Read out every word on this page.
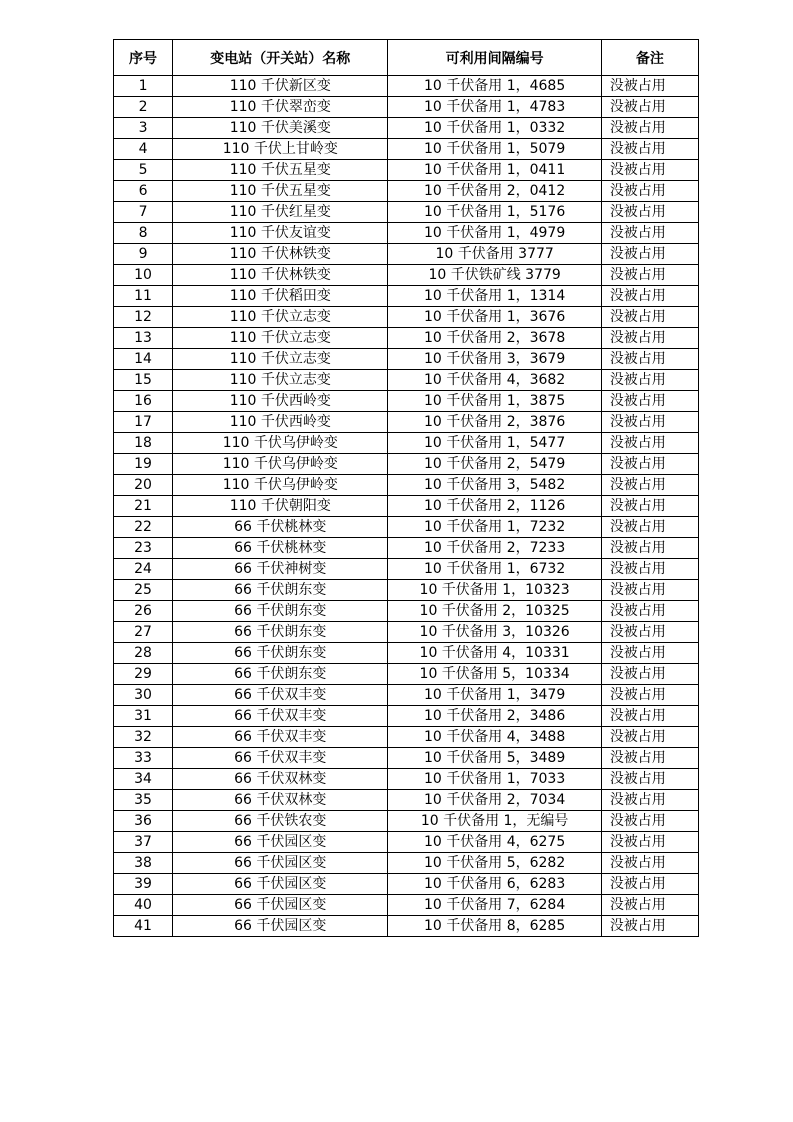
序号	变电站（开关站）名称	可利用间隔编号	备注
1	110 千伏新区变	10 千伏备用 1，4685	没被占用
2	110 千伏翠峦变	10 千伏备用 1，4783	没被占用
3	110 千伏美溪变	10 千伏备用 1，0332	没被占用
4	110 千伏上甘岭变	10 千伏备用 1，5079	没被占用
5	110 千伏五星变	10 千伏备用 1，0411	没被占用
6	110 千伏五星变	10 千伏备用 2，0412	没被占用
7	110 千伏红星变	10 千伏备用 1，5176	没被占用
8	110 千伏友谊变	10 千伏备用 1，4979	没被占用
9	110 千伏林铁变	10 千伏备用 3777	没被占用
10	110 千伏林铁变	10 千伏铁矿线 3779	没被占用
11	110 千伏稻田变	10 千伏备用 1，1314	没被占用
12	110 千伏立志变	10 千伏备用 1，3676	没被占用
13	110 千伏立志变	10 千伏备用 2，3678	没被占用
14	110 千伏立志变	10 千伏备用 3，3679	没被占用
15	110 千伏立志变	10 千伏备用 4，3682	没被占用
16	110 千伏西岭变	10 千伏备用 1，3875	没被占用
17	110 千伏西岭变	10 千伏备用 2，3876	没被占用
18	110 千伏乌伊岭变	10 千伏备用 1，5477	没被占用
19	110 千伏乌伊岭变	10 千伏备用 2，5479	没被占用
20	110 千伏乌伊岭变	10 千伏备用 3，5482	没被占用
21	110 千伏朝阳变	10 千伏备用 2，1126	没被占用
22	66 千伏桃林变	10 千伏备用 1，7232	没被占用
23	66 千伏桃林变	10 千伏备用 2，7233	没被占用
24	66 千伏神树变	10 千伏备用 1，6732	没被占用
25	66 千伏朗东变	10 千伏备用 1，10323	没被占用
26	66 千伏朗东变	10 千伏备用 2，10325	没被占用
27	66 千伏朗东变	10 千伏备用 3，10326	没被占用
28	66 千伏朗东变	10 千伏备用 4，10331	没被占用
29	66 千伏朗东变	10 千伏备用 5，10334	没被占用
30	66 千伏双丰变	10 千伏备用 1，3479	没被占用
31	66 千伏双丰变	10 千伏备用 2，3486	没被占用
32	66 千伏双丰变	10 千伏备用 4，3488	没被占用
33	66 千伏双丰变	10 千伏备用 5，3489	没被占用
34	66 千伏双林变	10 千伏备用 1，7033	没被占用
35	66 千伏双林变	10 千伏备用 2，7034	没被占用
36	66 千伏铁农变	10 千伏备用 1，无编号	没被占用
37	66 千伏园区变	10 千伏备用 4，6275	没被占用
38	66 千伏园区变	10 千伏备用 5，6282	没被占用
39	66 千伏园区变	10 千伏备用 6，6283	没被占用
40	66 千伏园区变	10 千伏备用 7，6284	没被占用
41	66 千伏园区变	10 千伏备用 8，6285	没被占用
